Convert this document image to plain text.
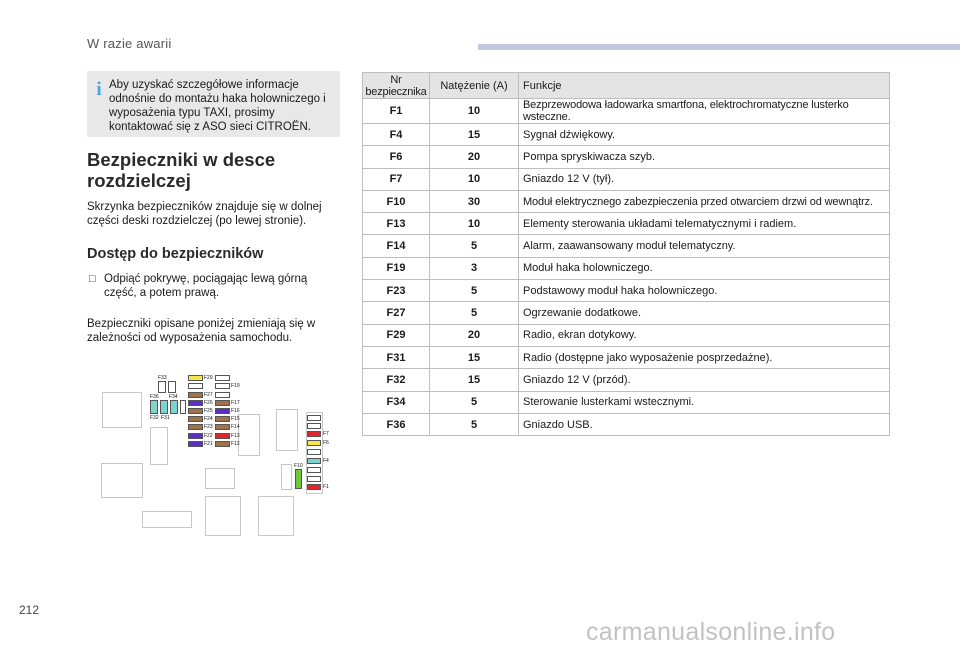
W razie awarii
i Aby uzyskać szczegółowe informacje odnośnie do montażu haka holowniczego i wyposażenia typu TAXI, prosimy kontaktować się z ASO sieci CITROËN.
Bezpieczniki w desce rozdzielczej
Skrzynka bezpieczników znajduje się w dolnej części deski rozdzielczej (po lewej stronie).
Dostęp do bezpieczników
□ Odpiąć pokrywę, pociągając lewą górną część, a potem prawą.
Bezpieczniki opisane poniżej zmieniają się w zależności od wyposażenia samochodu.
F33
F36 F34
F32 F31
F29
F19
F27
F26	F17
F25	F16
F24	F15
F23	F14
F22	F13
F21	F12
F7
F6
F4
F1
F10
Nr bezpiecznika	Natężenie (A)	Funkcje
F1	10	Bezprzewodowa ładowarka smartfona, elektrochromatyczne lusterko wsteczne.
F4	15	Sygnał dźwiękowy.
F6	20	Pompa spryskiwacza szyb.
F7	10	Gniazdo 12 V (tył).
F10	30	Moduł elektrycznego zabezpieczenia przed otwarciem drzwi od wewnątrz.
F13	10	Elementy sterowania układami telematycznymi i radiem.
F14	5	Alarm, zaawansowany moduł telematyczny.
F19	3	Moduł haka holowniczego.
F23	5	Podstawowy moduł haka holowniczego.
F27	5	Ogrzewanie dodatkowe.
F29	20	Radio, ekran dotykowy.
F31	15	Radio (dostępne jako wyposażenie posprzedażne).
F32	15	Gniazdo 12 V (przód).
F34	5	Sterowanie lusterkami wstecznymi.
F36	5	Gniazdo USB.
212
carmanualsonline.info
